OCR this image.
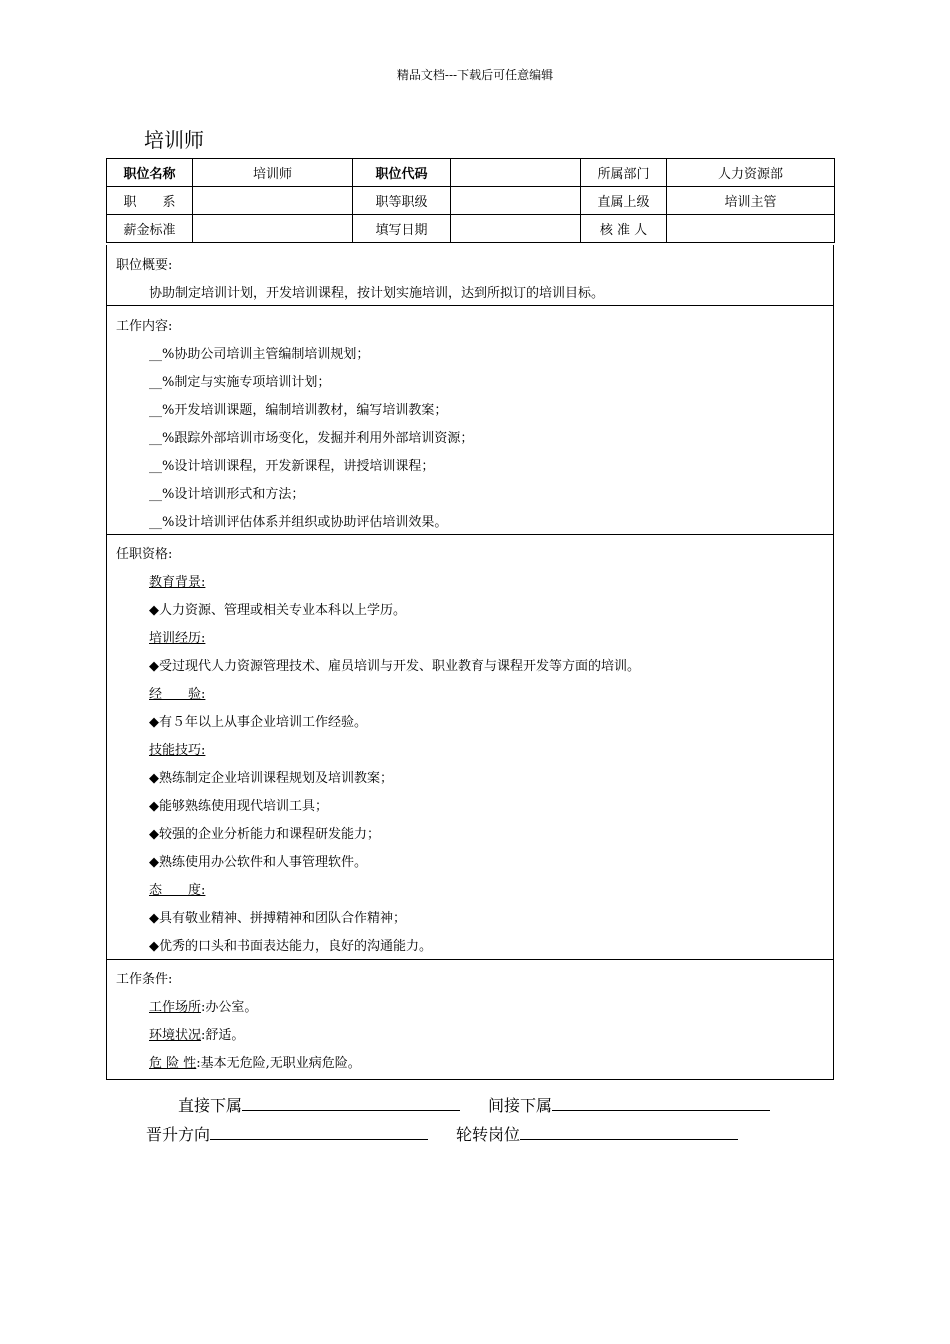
精品文档---下载后可任意编辑
培训师
职位名称	培训师	职位代码		所属部门	人力资源部
职　　系		职等职级		直属上级	培训主管
薪金标准		填写日期		核 准 人	
职位概要:
协助制定培训计划，开发培训课程，按计划实施培训，达到所拟订的培训目标。
工作内容:
__%协助公司培训主管编制培训规划；
__%制定与实施专项培训计划；
__%开发培训课题，编制培训教材，编写培训教案；
__%跟踪外部培训市场变化，发掘并利用外部培训资源；
__%设计培训课程，开发新课程，讲授培训课程；
__%设计培训形式和方法；
__%设计培训评估体系并组织或协助评估培训效果。
任职资格:
教育背景:
◆人力资源、管理或相关专业本科以上学历。
培训经历:
◆受过现代人力资源管理技术、雇员培训与开发、职业教育与课程开发等方面的培训。
经　　验:
◆有５年以上从事企业培训工作经验。
技能技巧:
◆熟练制定企业培训课程规划及培训教案；
◆能够熟练使用现代培训工具；
◆较强的企业分析能力和课程研发能力；
◆熟练使用办公软件和人事管理软件。
态　　度:
◆具有敬业精神、拼搏精神和团队合作精神；
◆优秀的口头和书面表达能力，良好的沟通能力。
工作条件:
工作场所:办公室。
环境状况:舒适。
危 险 性:基本无危险,无职业病危险。
直接下属	间接下属
晋升方向	轮转岗位
